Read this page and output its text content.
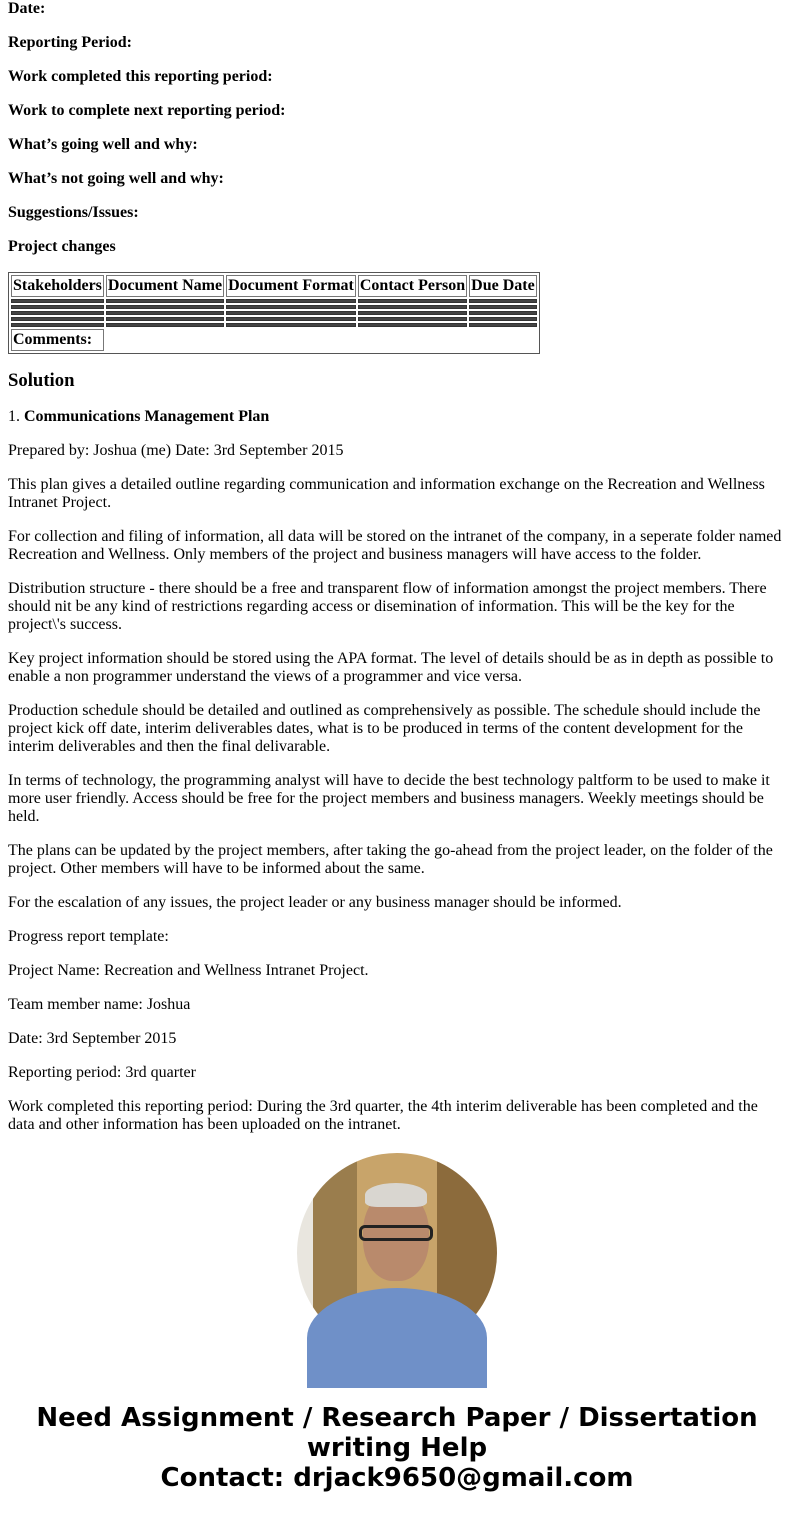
Date:

Reporting Period:

Work completed this reporting period:

Work to complete next reporting period:

What’s going well and why:

What’s not going well and why:

Suggestions/Issues:

Project changes

Stakeholders	Document Name	Document Format	Contact Person	Due Date

Comments:				
Solution

1. Communications Management Plan

Prepared by: Joshua (me) Date: 3rd September 2015

This plan gives a detailed outline regarding communication and information exchange on the Recreation and Wellness Intranet Project.

For collection and filing of information, all data will be stored on the intranet of the company, in a seperate folder named Recreation and Wellness. Only members of the project and business managers will have access to the folder.

Distribution structure - there should be a free and transparent flow of information amongst the project members. There should nit be any kind of restrictions regarding access or disemination of information. This will be the key for the project\'s success.

Key project information should be stored using the APA format. The level of details should be as in depth as possible to enable a non programmer understand the views of a programmer and vice versa.

Production schedule should be detailed and outlined as comprehensively as possible. The schedule should include the project kick off date, interim deliverables dates, what is to be produced in terms of the content development for the interim deliverables and then the final delivarable.

In terms of technology, the programming analyst will have to decide the best technology paltform to be used to make it more user friendly. Access should be free for the project members and business managers. Weekly meetings should be held.

The plans can be updated by the project members, after taking the go-ahead from the project leader, on the folder of the project. Other members will have to be informed about the same.

For the escalation of any issues, the project leader or any business manager should be informed.

Progress report template:

Project Name: Recreation and Wellness Intranet Project.

Team member name: Joshua

Date: 3rd September 2015

Reporting period: 3rd quarter

Work completed this reporting period: During the 3rd quarter, the 4th interim deliverable has been completed and the data and other information has been uploaded on the intranet.

Need Assignment / Research Paper / Dissertation writing Help
Contact: drjack9650@gmail.com
